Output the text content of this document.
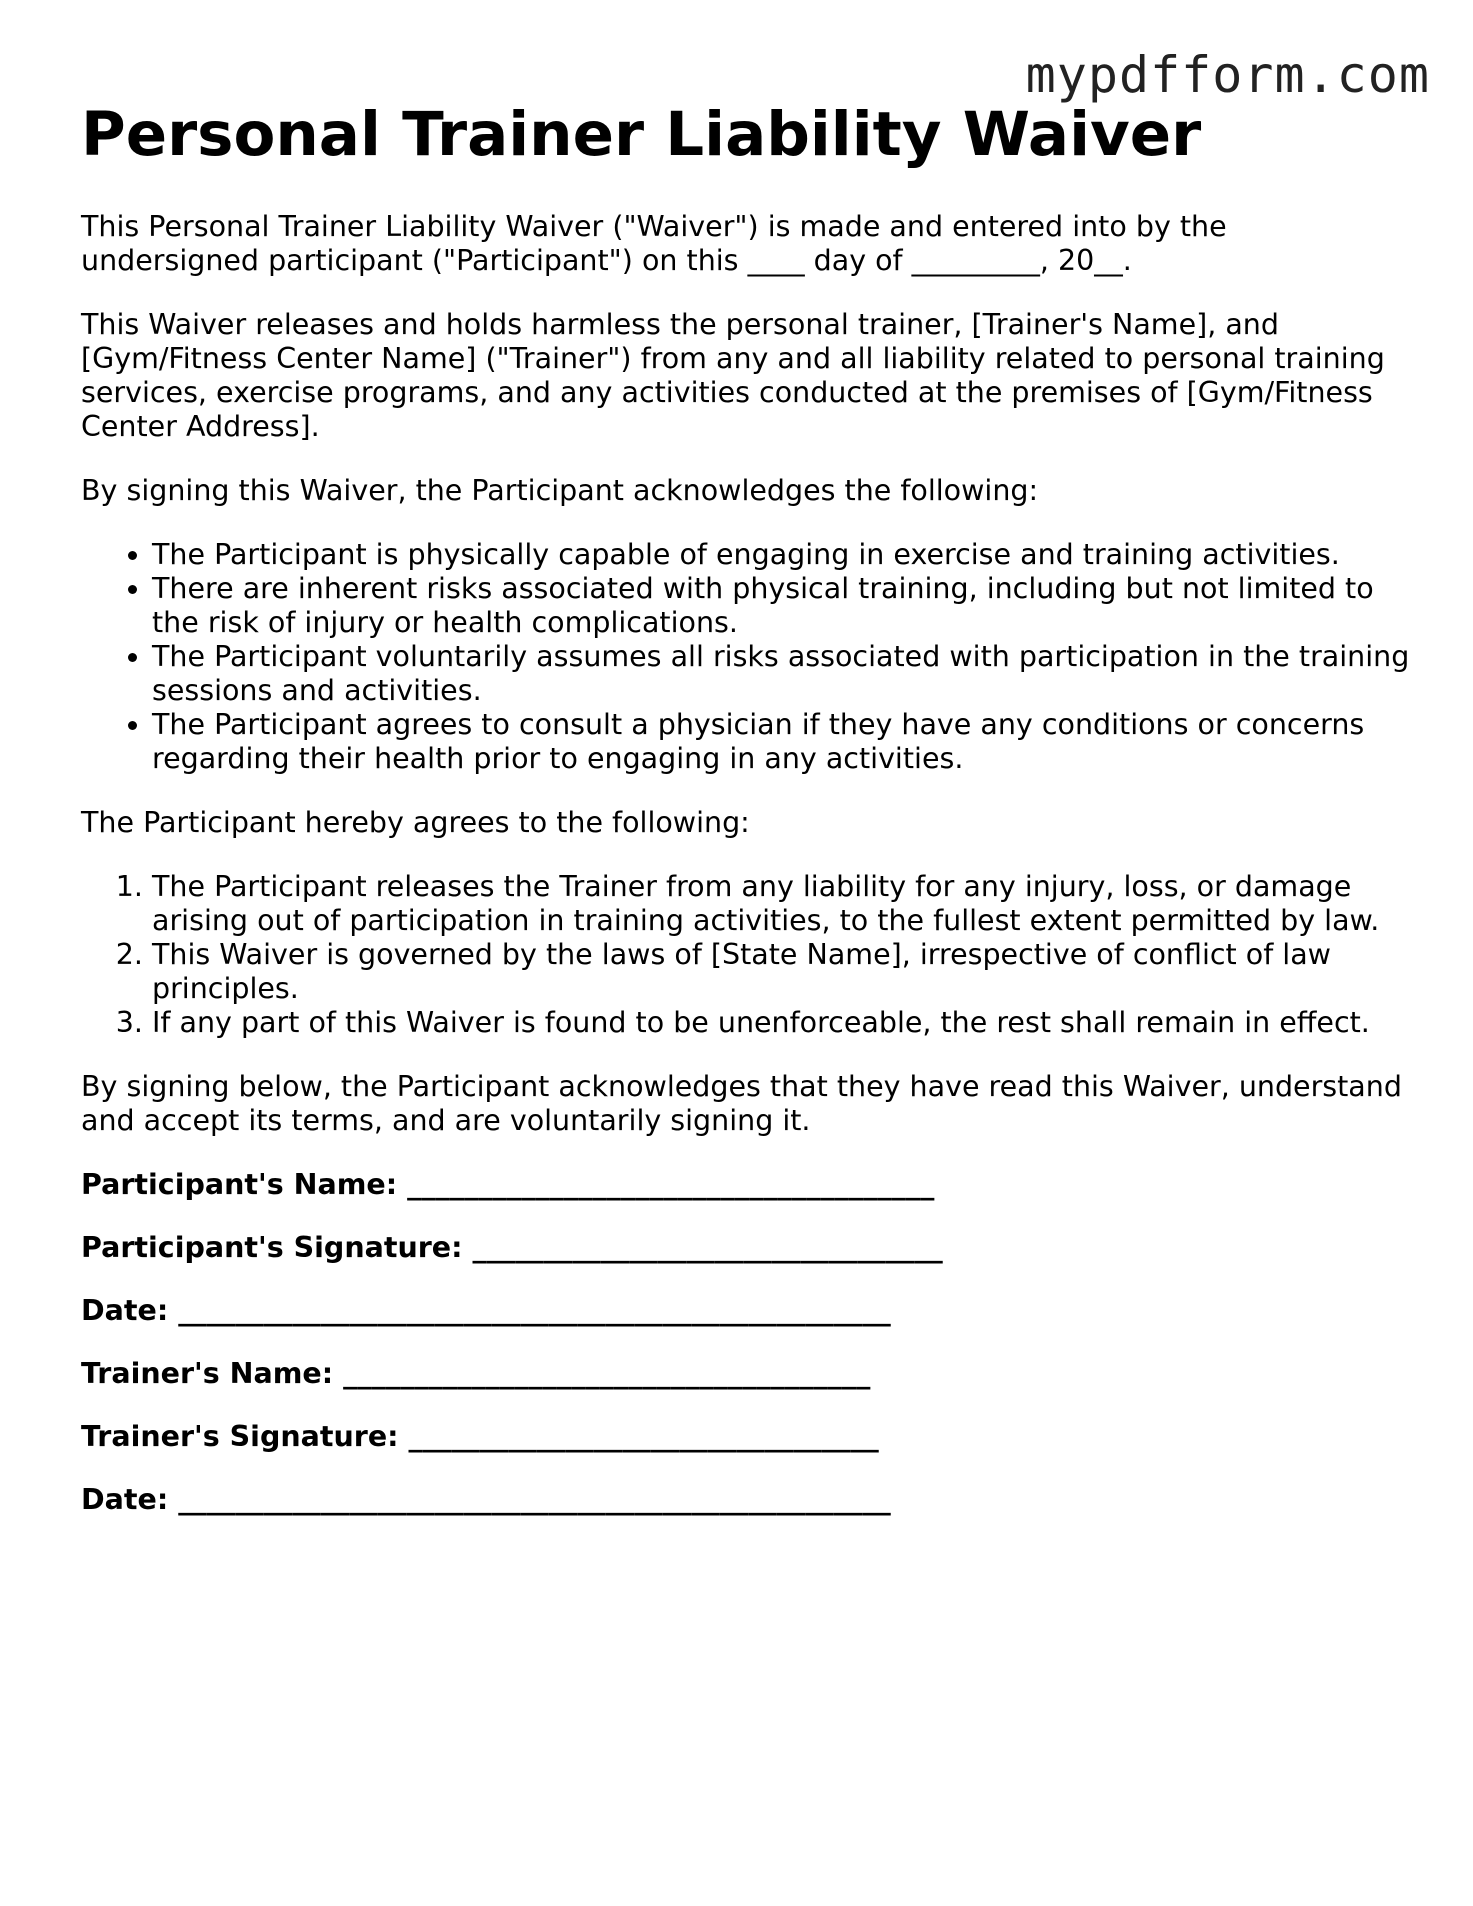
mypdfform.com
Personal Trainer Liability Waiver

This Personal Trainer Liability Waiver ("Waiver") is made and entered into by the undersigned participant ("Participant") on this ____ day of _________, 20__.

This Waiver releases and holds harmless the personal trainer, [Trainer's Name], and [Gym/Fitness Center Name] ("Trainer") from any and all liability related to personal training services, exercise programs, and any activities conducted at the premises of [Gym/Fitness Center Address].

By signing this Waiver, the Participant acknowledges the following:

• The Participant is physically capable of engaging in exercise and training activities.
• There are inherent risks associated with physical training, including but not limited to the risk of injury or health complications.
• The Participant voluntarily assumes all risks associated with participation in the training sessions and activities.
• The Participant agrees to consult a physician if they have any conditions or concerns regarding their health prior to engaging in any activities.

The Participant hereby agrees to the following:

1. The Participant releases the Trainer from any liability for any injury, loss, or damage arising out of participation in training activities, to the fullest extent permitted by law.
2. This Waiver is governed by the laws of [State Name], irrespective of conflict of law principles.
3. If any part of this Waiver is found to be unenforceable, the rest shall remain in effect.

By signing below, the Participant acknowledges that they have read this Waiver, understand and accept its terms, and are voluntarily signing it.

Participant's Name: _____________________________________
Participant's Signature: _________________________________
Date: __________________________________________________
Trainer's Name: _____________________________________
Trainer's Signature: _________________________________
Date: __________________________________________________
